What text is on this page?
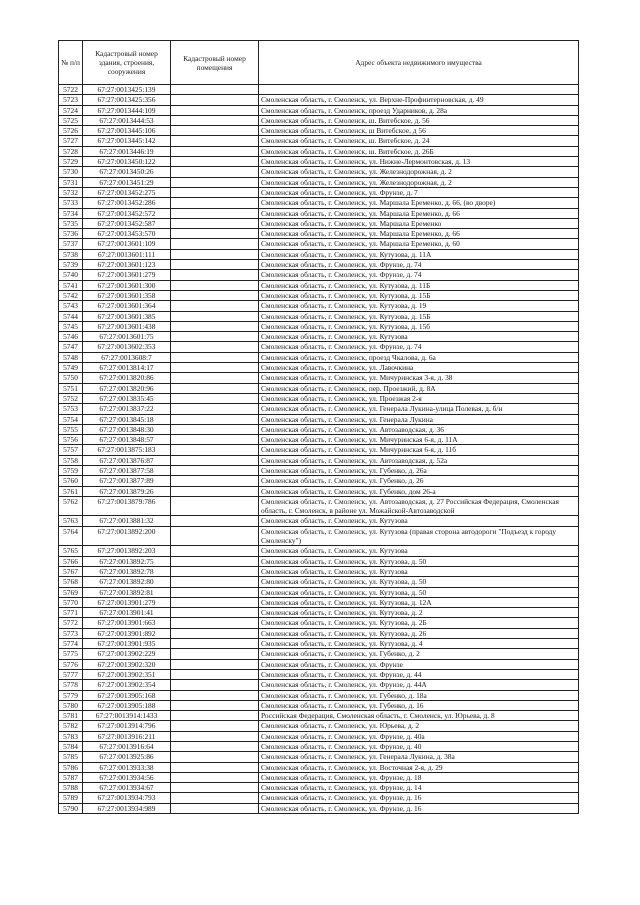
№ п/п	Кадастровый номер здания, строения, сооружения	Кадастровый номер помещения	Адрес объекта недвижимого имущества
5722	67:27:0013425:139		
5723	67:27:0013425:356		Смоленская область, г. Смоленск, ул. Верхне-Профинтерновская, д. 49
5724	67:27:0013444:109		Смоленская область, г. Смоленск, проезд Ударников, д. 28а
5725	67:27:0013444:53		Смоленская область, г. Смоленск, ш. Витебское, д. 56
5726	67:27:0013445:106		Смоленская область, г. Смоленск, ш Витебское, д 56
5727	67:27:0013445:142		Смоленская область, г. Смоленск, ш. Витебское, д. 24
5728	67:27:0013446:19		Смоленская область, г. Смоленск, ш. Витебское, д. 26Б
5729	67:27:0013450:122		Смоленская область, г. Смоленск, ул. Нижне-Лермонтовская, д. 13
5730	67:27:0013450:26		Смоленская область, г. Смоленск, ул. Железнодорожная, д. 2
5731	67:27:0013451:29		Смоленская область, г. Смоленск, ул. Железнодорожная, д. 2
5732	67:27:0013452:275		Смоленская область, г. Смоленск, ул. Фрунзе, д. 7
5733	67:27:0013452:286		Смоленская область, г. Смоленск, ул. Маршала Еременко, д. 66, (во дворе)
5734	67:27:0013452:572		Смоленская область, г. Смоленск, ул. Маршала Еременко, д. 66
5735	67:27:0013452:587		Смоленская область, г. Смоленск, ул. Маршала Еременко
5736	67:27:0013453:570		Смоленская область, г. Смоленск, ул. Маршала Еременко, д. 66
5737	67:27:0013601:109		Смоленская область, г. Смоленск, ул. Маршала Еременко, д. 60
5738	67:27:0013601:111		Смоленская область, г. Смоленск, ул. Кутузова, д. 11А
5739	67:27:0013601:123		Смоленская область, г. Смоленск, ул. Фрунзе, д. 74
5740	67:27:0013601:279		Смоленская область, г. Смоленск, ул. Фрунзе, д. 74
5741	67:27:0013601:300		Смоленская область, г. Смоленск, ул. Кутузова, д. 11Б
5742	67:27:0013601:358		Смоленская область, г. Смоленск, ул. Кутузова, д. 15Б
5743	67:27:0013601:364		Смоленская область, г. Смоленск, ул. Кутузова, д. 19
5744	67:27:0013601:385		Смоленская область, г. Смоленск, ул. Кутузова, д. 15Б
5745	67:27:0013601:438		Смоленская область, г. Смоленск, ул. Кутузова, д. 15б
5746	67:27:0013601:75		Смоленская область, г. Смоленск, ул. Кутузова
5747	67:27:0013602:353		Смоленская область, г. Смоленск, ул. Фрунзе, д. 74
5748	67:27:0013608:7		Смоленская область, г. Смоленск, проезд Чкалова, д. 6а
5749	67:27:0013814:17		Смоленская область, г. Смоленск, ул. Лавочкина
5750	67:27:0013820:86		Смоленская область, г. Смоленск, ул. Мичуринская 3-я, д. 38
5751	67:27:0013820:96		Смоленская область, г. Смоленск, пер. Проезжий, д. 8А
5752	67:27:0013835:45		Смоленская область, г. Смоленск, ул. Проезжая 2-я
5753	67:27:0013837:22		Смоленская область, г. Смоленск, ул. Генерала Лукина-улица Полевая, д. б/н
5754	67:27:0013845:18		Смоленская область, г. Смоленск, ул. Генерала Лукина
5755	67:27:0013848:30		Смоленская область, г. Смоленск, ул. Автозаводская, д. 36
5756	67:27:0013848:57		Смоленская область, г. Смоленск, ул. Мичуринская 6-я, д. 11А
5757	67:27:0013875:183		Смоленская область, г. Смоленск, ул. Мичуринская 6-я, д. 11б
5758	67:27:0013876:87		Смоленская область, г. Смоленск, ул. Автозаводская, д. 52а
5759	67:27:0013877:58		Смоленская область, г. Смоленск, ул. Губенко, д. 26а
5760	67:27:0013877:89		Смоленская область, г. Смоленск, ул. Губенко, д. 26
5761	67:27:0013879:26		Смоленская область, г. Смоленск, ул. Губенко, дом 26-а
5762	67:27:0013879:786		Смоленская область, г. Смоленск, ул. Автозаводская, д. 27 Российская Федерация, Смоленская область, г. Смоленск, в районе ул. Можайской-Автозаводской
5763	67:27:0013881:32		Смоленская область, г. Смоленск, ул. Кутузова
5764	67:27:0013892:200		Смоленская область, г. Смоленск, ул. Кутузова (правая сторона автодороги "Подъезд к городу Смоленску")
5765	67:27:0013892:203		Смоленская область, г. Смоленск, ул. Кутузова
5766	67:27:0013892:75		Смоленская область, г. Смоленск, ул. Кутузова, д. 50
5767	67:27:0013892:78		Смоленская область, г. Смоленск, ул. Кутузова
5768	67:27:0013892:80		Смоленская область, г. Смоленск, ул. Кутузова, д. 50
5769	67:27:0013892:81		Смоленская область, г. Смоленск, ул. Кутузова, д. 50
5770	67:27:0013901:279		Смоленская область, г. Смоленск, ул. Кутузова, д. 12А
5771	67:27:0013901:41		Смоленская область, г. Смоленск, ул. Кутузова, д. 2
5772	67:27:0013901:663		Смоленская область, г. Смоленск, ул. Кутузова, д. 2Б
5773	67:27:0013901:892		Смоленская область, г. Смоленск, ул. Кутузова, д. 26
5774	67:27:0013901:935		Смоленская область, г. Смоленск, ул. Кутузова, д. 4
5775	67:27:0013902:229		Смоленская область, г. Смоленск, ул. Губенко, д. 2
5776	67:27:0013902:320		Смоленская область, г. Смоленск, ул. Фрунзе
5777	67:27:0013902:351		Смоленская область, г. Смоленск, ул. Фрунзе, д. 44
5778	67:27:0013902:354		Смоленская область, г. Смоленск, ул. Фрунзе, д. 44А
5779	67:27:0013905:168		Смоленская область, г. Смоленск, ул. Губенко, д. 18а
5780	67:27:0013905:188		Смоленская область, г. Смоленск, ул. Губенко, д. 16
5781	67:27:0013914:1433		Российская Федерация, Смоленская область, г. Смоленск, ул. Юрьева, д. 8
5782	67:27:0013914:796		Смоленская область, г. Смоленск, ул. Юрьева, д. 2
5783	67:27:0013916:211		Смоленская область, г. Смоленск, ул. Фрунзе, д. 40а
5784	67:27:0013916:64		Смоленская область, г. Смоленск, ул. Фрунзе, д. 40
5785	67:27:0013925:86		Смоленская область, г. Смоленск, ул. Генерала Лукина, д. 38а
5786	67:27:0013933:38		Смоленская область, г. Смоленск, ул. Восточная 2-я, д. 29
5787	67:27:0013934:56		Смоленская область, г. Смоленск, ул. Фрунзе, д. 18
5788	67:27:0013934:67		Смоленская область, г. Смоленск, ул. Фрунзе, д. 14
5789	67:27:0013934:793		Смоленская область, г. Смоленск, ул. Фрунзе, д. 16
5790	67:27:0013934:989		Смоленская область, г. Смоленск, ул. Фрунзе, д. 16
